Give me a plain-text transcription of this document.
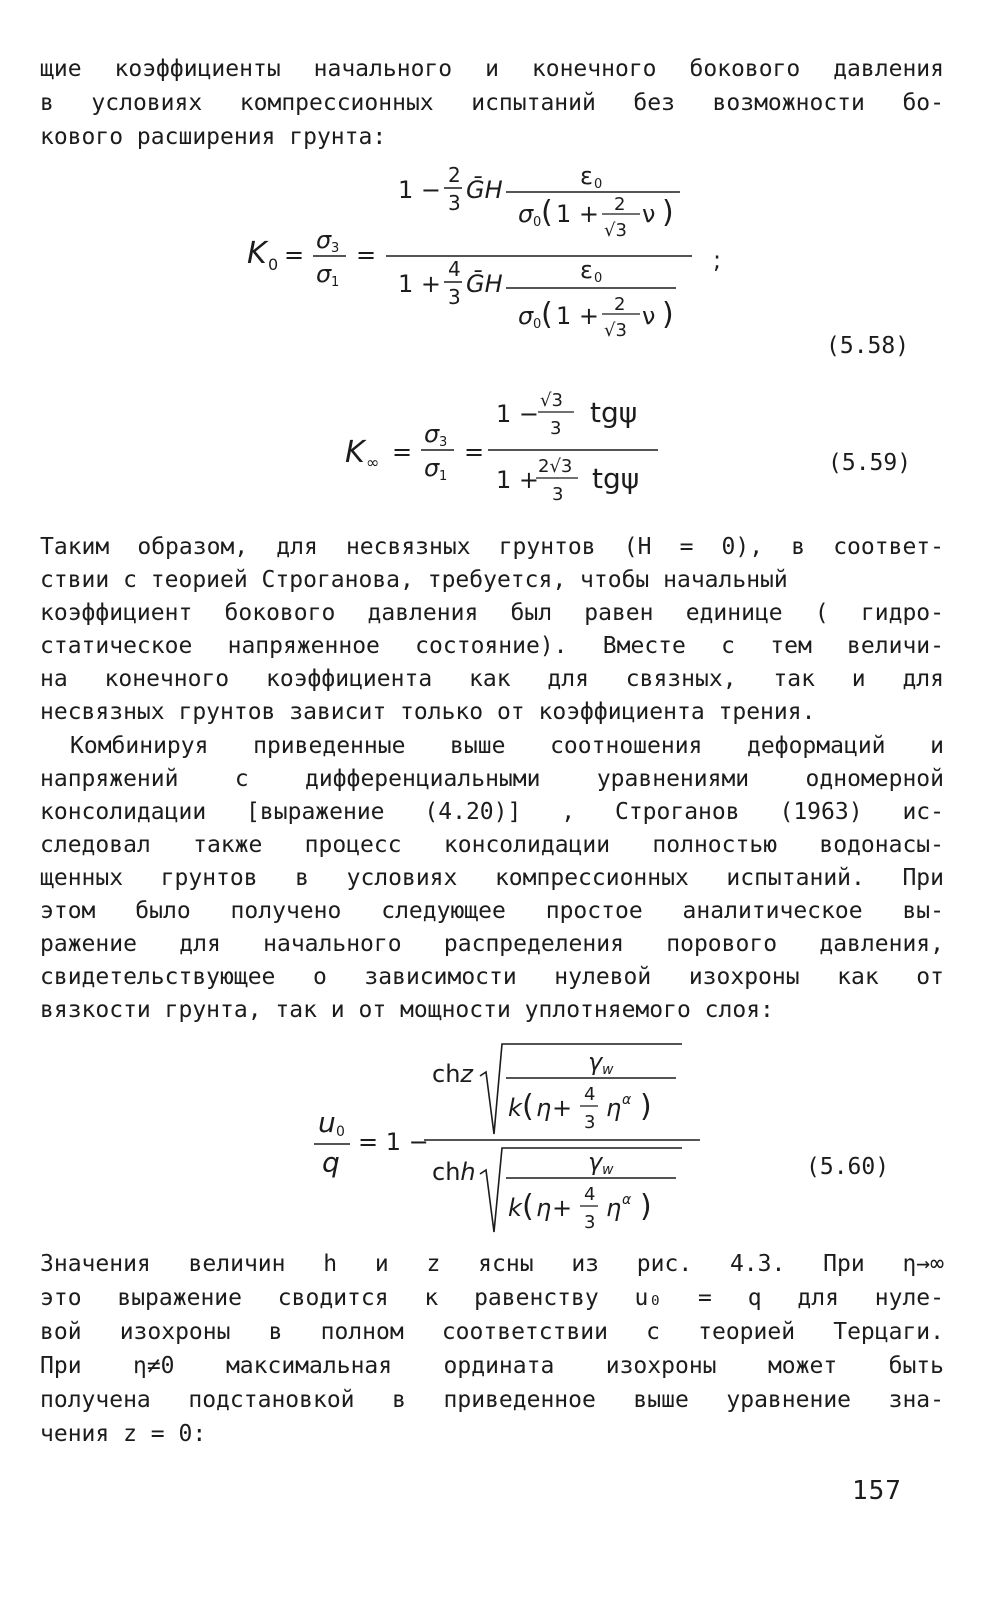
щие коэффициенты начального и конечного бокового давления
в условиях компрессионных испытаний без возможности бо-
кового расширения грунта:
K 0 =
σ 3
σ 1
=	;
1 −
2
3 ḠH	ε 0
σ 0 ( 1 + 2
√3
ν )
1 +
4
3 ḠH	ε 0
σ 0 ( 1 + 2
√3
ν )
(5.58)
K ∞ =
σ 3
σ 1
=
1 − √3
3 tgψ
1 +
2√3
3 tgψ	(5.59)
Таким образом, для несвязных грунтов (H = 0), в соответ-
ствии с теорией Строганова, требуется, чтобы начальный
коэффициент бокового давления был равен единице ( гидро-
статическое напряженное состояние). Вместе с тем величи-
на конечного коэффициента как для связных, так и для
несвязных грунтов зависит только от коэффициента трения.
Комбинируя приведенные выше соотношения деформаций и
напряжений с дифференциальными уравнениями одномерной
консолидации [выражение (4.20)] , Строганов (1963) ис-
следовал также процесс консолидации полностью водонасы-
щенных грунтов в условиях компрессионных испытаний. При
этом было получено следующее простое аналитическое вы-
ражение для начального распределения порового давления,
свидетельствующее о зависимости нулевой изохроны как от
вязкости грунта, так и от мощности уплотняемого слоя:
u 0
q
= 1 −
chz	γ w
k ( η + 4
3
η α )
chh	γ w
k ( η + 4
3
η α )
(5.60)
Значения величин h и z ясны из рис. 4.3. При η→∞
это выражение сводится к равенству u₀ = q для нуле-
вой изохроны в полном соответствии с теорией Терцаги.
При η≠0 максимальная ордината изохроны может быть
получена подстановкой в приведенное выше уравнение зна-
чения z = 0:
157
